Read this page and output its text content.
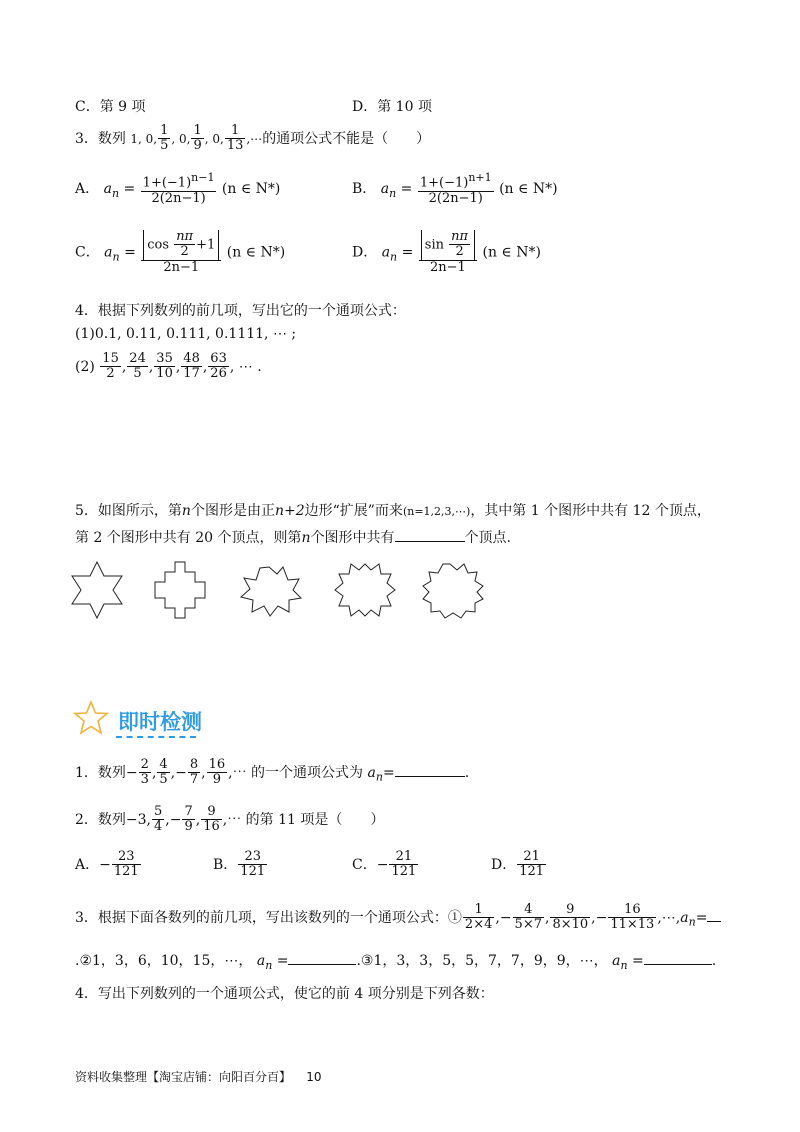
C．第 9 项	D．第 10 项
3．数列 1, 0, $\frac{1}{5}$ , 0, $\frac{1}{9}$ , 0, $\frac{1}{13}$ ,⋯的通项公式不能是（　　）
A． $a_n = \frac{1+(-1)^{n-1}}{2(2n-1)} (n$ ∈ N*)	B． $a_n = \frac{1+(-1)^{n+1}}{2(2n-1)} (n$ ∈ N*)
C． $a_n = \frac{\cos \frac{n\pi}{2} +1}{2n-1} (n$ ∈ N*)	D． $a_n = \frac{\sin \frac{n\pi}{2}}{2n-1} (n$ ∈ N*)
4．根据下列数列的前几项，写出它的一个通项公式：
(1)0.1, 0.11, 0.111, 0.1111, ⋯ ;
$(2) \frac{15}{2}$ , $\frac{24}{5}$ , $\frac{35}{10}$ , $\frac{48}{17}$ , $\frac{63}{26}$ , ⋯ .
5．如图所示，第n个图形是由正n+2边形“扩展”而来(n=1,2,3,⋯)，其中第 1 个图形中共有 12 个顶点，
第 2 个图形中共有 20 个顶点，则第n个图形中共有	个顶点.
即时检测
1．数列− $\frac{2}{3}$ , $\frac{4}{5}$ ,− $\frac{8}{7}$ , $\frac{16}{9}$ ,⋯ 的一个通项公式为 $a_n=$	.
2．数列−3, $\frac{5}{4}$ ,− $\frac{7}{9}$ , $\frac{9}{16}$ ,⋯ 的第 11 项是（　　）
A．− $\frac{23}{121}$	B． $\frac{23}{121}$	C．− $\frac{21}{121}$	D． $\frac{21}{121}$
3．根据下面各数列的前几项，写出该数列的一个通项公式：① $\frac{1}{2\times 4}$ ,− $\frac{4}{5\times 7}$ , $\frac{9}{8\times 10}$ ,− $\frac{16}{11\times 13}$ $,\cdots,a_n=$
.②1，3，6，10，15，⋯， $a_n$ =	.③1，3，3，5，5，7，7，9，9，⋯， $a_n$ =	.
4．写出下列数列的一个通项公式，使它的前 4 项分别是下列各数：
资料收集整理【淘宝店铺：向阳百分百】 10
